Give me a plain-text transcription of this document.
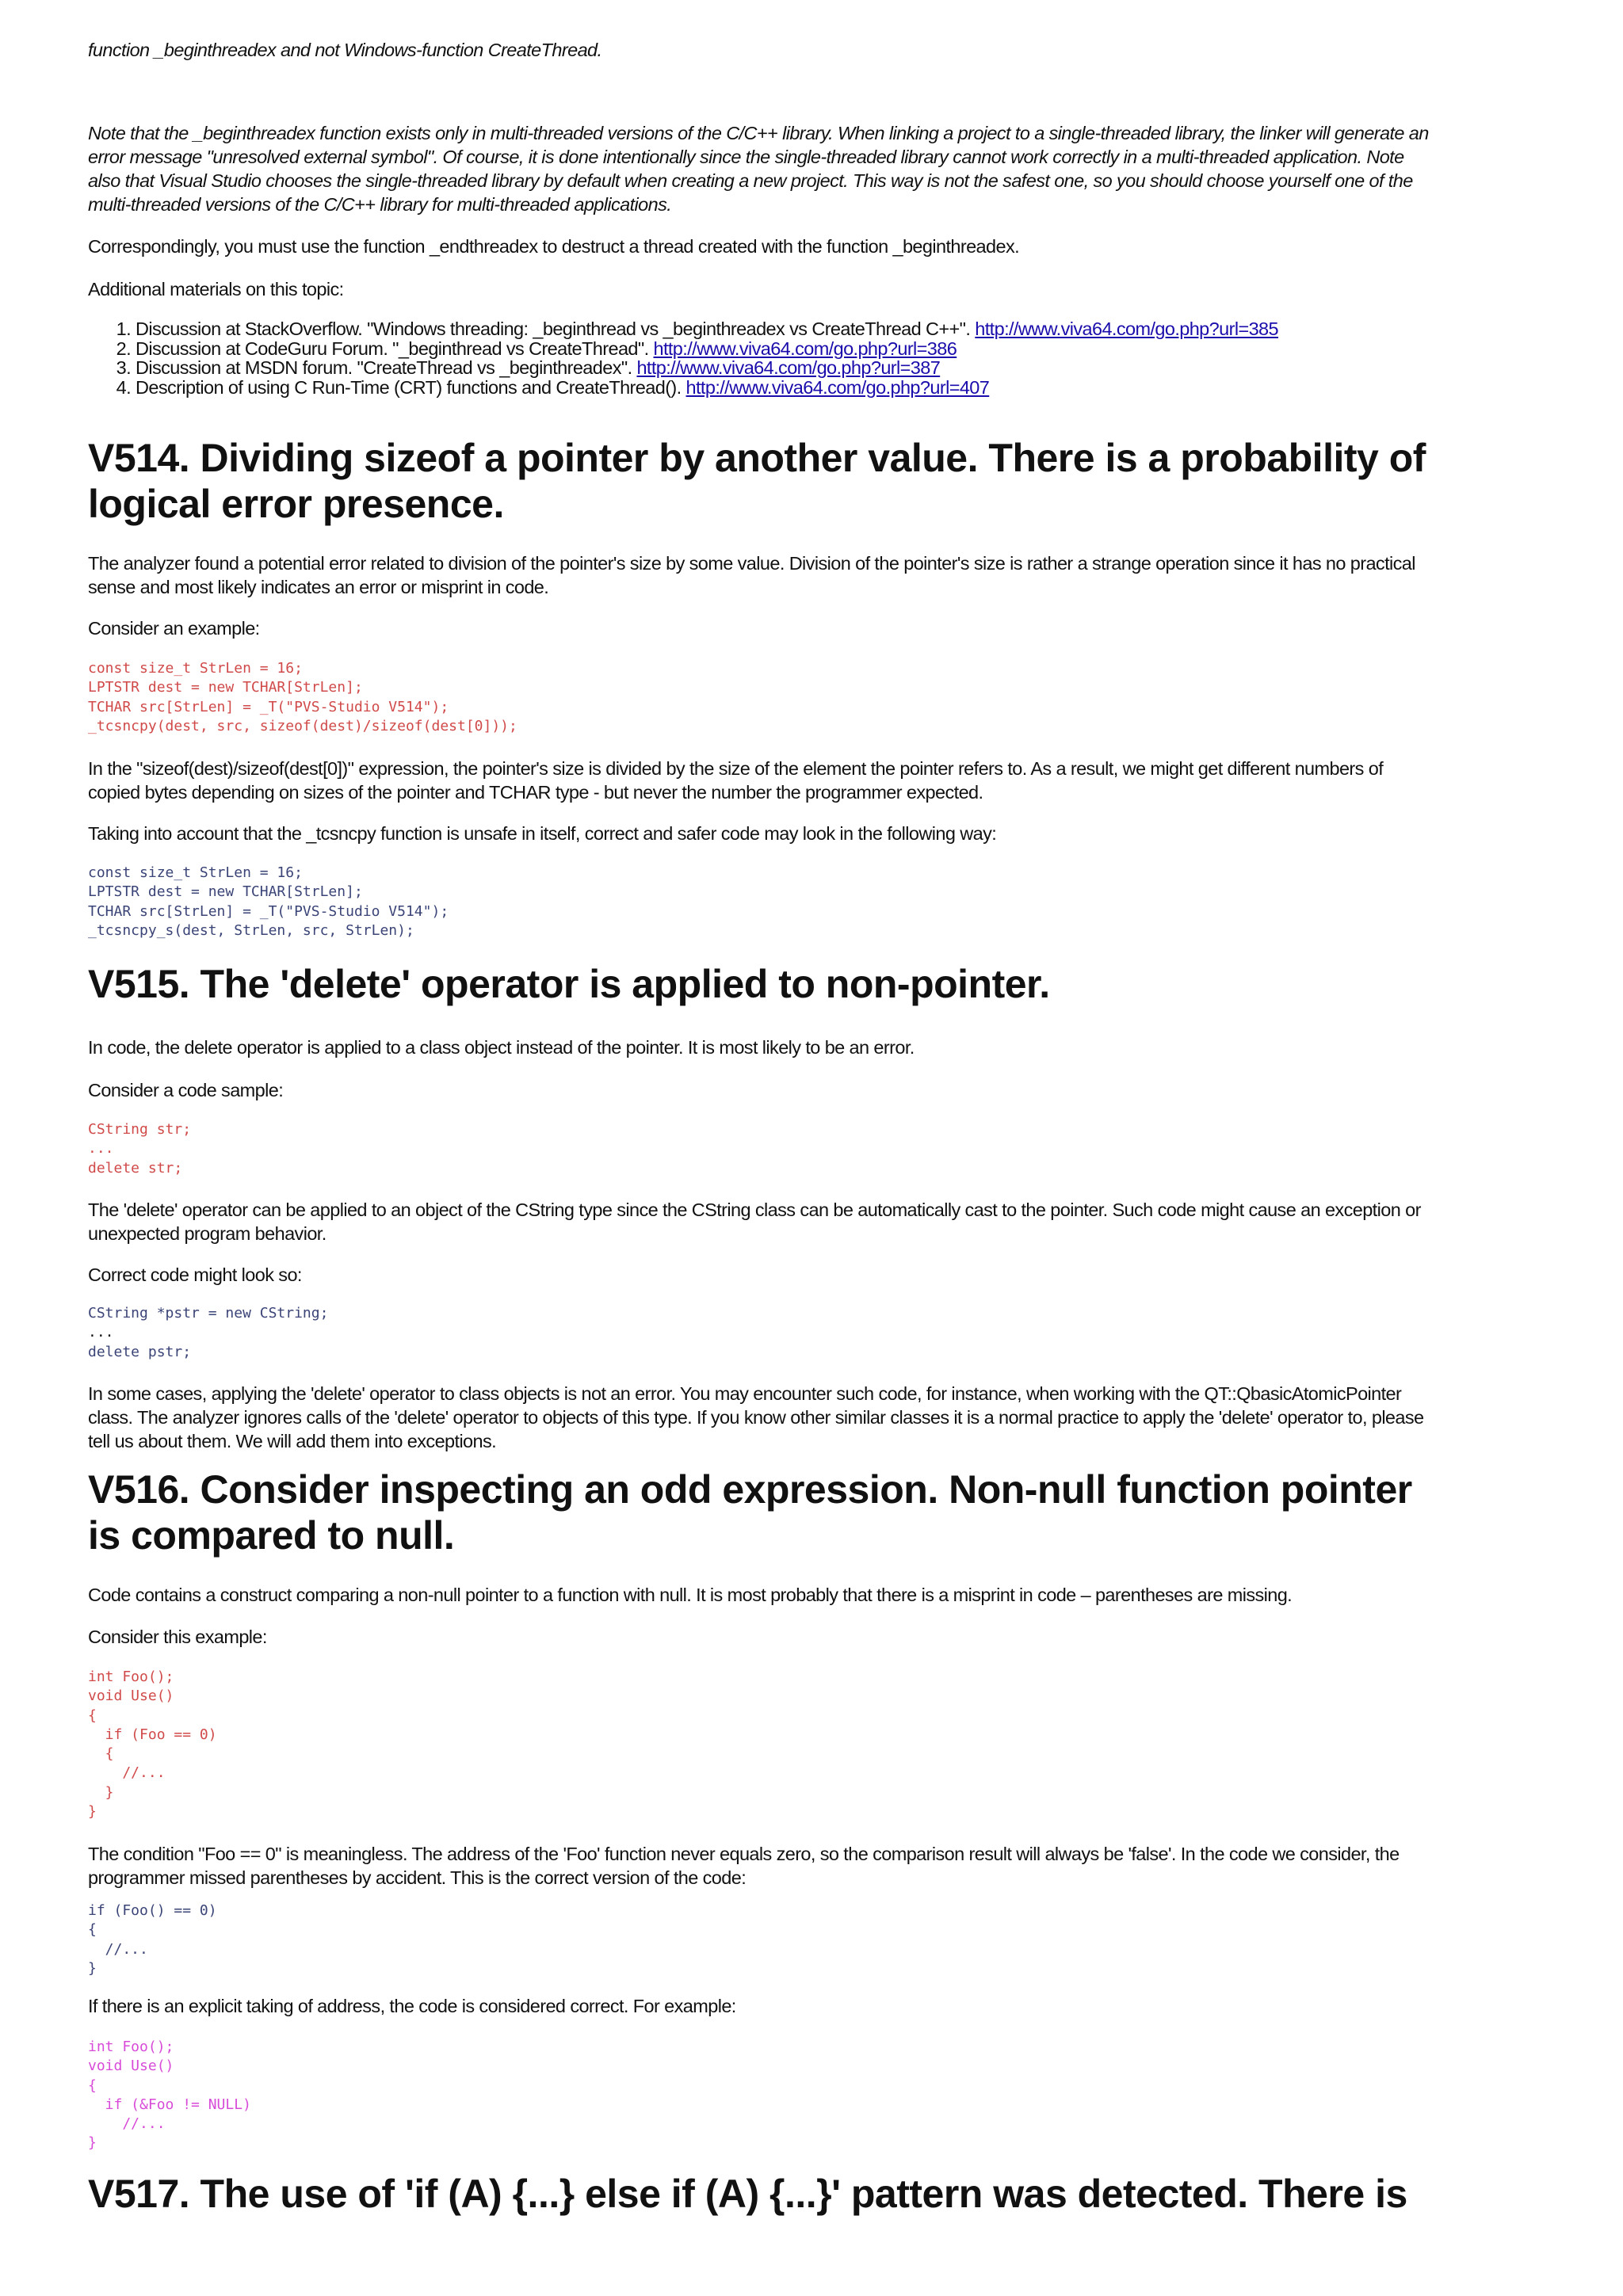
function _beginthreadex and not Windows-function CreateThread.

Note that the _beginthreadex function exists only in multi-threaded versions of the C/C++ library. When linking a project to a single-threaded library, the linker will generate an error message "unresolved external symbol". Of course, it is done intentionally since the single-threaded library cannot work correctly in a multi-threaded application. Note also that Visual Studio chooses the single-threaded library by default when creating a new project. This way is not the safest one, so you should choose yourself one of the multi-threaded versions of the C/C++ library for multi-threaded applications.

Correspondingly, you must use the function _endthreadex to destruct a thread created with the function _beginthreadex.

Additional materials on this topic:

1. Discussion at StackOverflow. "Windows threading: _beginthread vs _beginthreadex vs CreateThread C++". http://www.viva64.com/go.php?url=385
2. Discussion at CodeGuru Forum. "_beginthread vs CreateThread". http://www.viva64.com/go.php?url=386
3. Discussion at MSDN forum. "CreateThread vs _beginthreadex". http://www.viva64.com/go.php?url=387
4. Description of using C Run-Time (CRT) functions and CreateThread(). http://www.viva64.com/go.php?url=407
V514. Dividing sizeof a pointer by another value. There is a probability of logical error presence.

The analyzer found a potential error related to division of the pointer's size by some value. Division of the pointer's size is rather a strange operation since it has no practical sense and most likely indicates an error or misprint in code.

Consider an example:

const size_t StrLen = 16;
LPTSTR dest = new TCHAR[StrLen];
TCHAR src[StrLen] = _T("PVS-Studio V514");
_tcsncpy(dest, src, sizeof(dest)/sizeof(dest[0]));

In the "sizeof(dest)/sizeof(dest[0])" expression, the pointer's size is divided by the size of the element the pointer refers to. As a result, we might get different numbers of copied bytes depending on sizes of the pointer and TCHAR type - but never the number the programmer expected.

Taking into account that the _tcsncpy function is unsafe in itself, correct and safer code may look in the following way:

const size_t StrLen = 16;
LPTSTR dest = new TCHAR[StrLen];
TCHAR src[StrLen] = _T("PVS-Studio V514");
_tcsncpy_s(dest, StrLen, src, StrLen);
V515. The 'delete' operator is applied to non-pointer.

In code, the delete operator is applied to a class object instead of the pointer. It is most likely to be an error.

Consider a code sample:

CString str;
...
delete str;

The 'delete' operator can be applied to an object of the CString type since the CString class can be automatically cast to the pointer. Such code might cause an exception or unexpected program behavior.

Correct code might look so:

CString *pstr = new CString;
...
delete pstr;

In some cases, applying the 'delete' operator to class objects is not an error. You may encounter such code, for instance, when working with the QT::QbasicAtomicPointer class. The analyzer ignores calls of the 'delete' operator to objects of this type. If you know other similar classes it is a normal practice to apply the 'delete' operator to, please tell us about them. We will add them into exceptions.

V516. Consider inspecting an odd expression. Non-null function pointer is compared to null.

Code contains a construct comparing a non-null pointer to a function with null. It is most probably that there is a misprint in code – parentheses are missing.

Consider this example:

int Foo();
void Use()
{
if (Foo == 0)
{
//...
}
}

The condition "Foo == 0" is meaningless. The address of the 'Foo' function never equals zero, so the comparison result will always be 'false'. In the code we consider, the programmer missed parentheses by accident. This is the correct version of the code:

if (Foo() == 0)
{
//...
}

If there is an explicit taking of address, the code is considered correct. For example:

int Foo();
void Use()
{
if (&Foo != NULL)
//...
}
V517. The use of 'if (A) {...} else if (A) {...}' pattern was detected. There is
